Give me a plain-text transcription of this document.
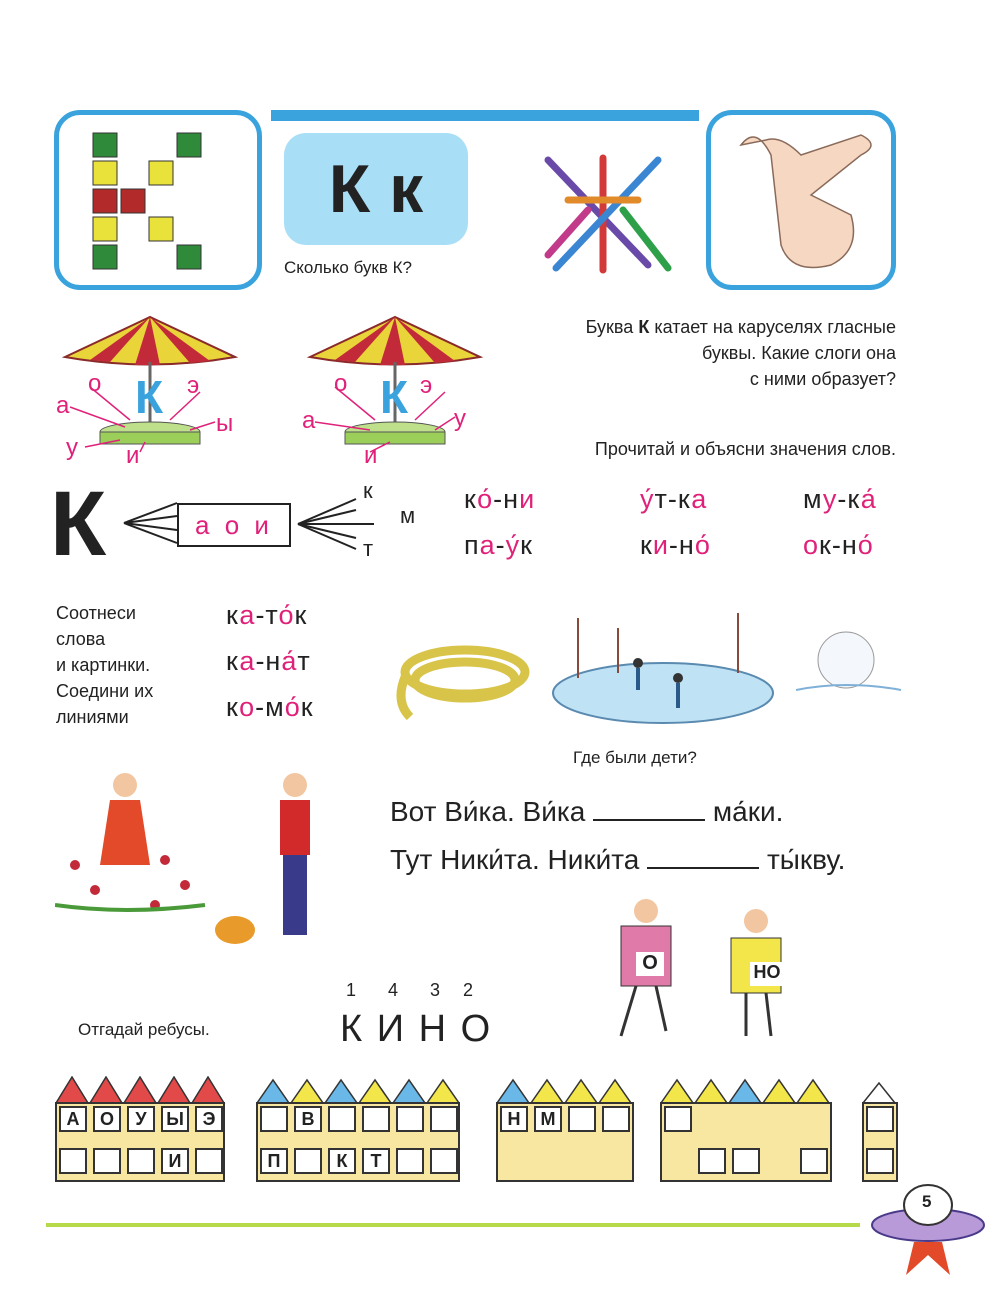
К к
Сколько букв К?
К
а
о	э
ы
у и
К
а
о	э
у
и
Буква К катает на каруселях гласные
буквы. Какие слоги она
с ними образует?
Прочитай и объясни значения слов.
К	а о и
к
м
т
ко́-ни	у́т-ка	му-ка́
па-у́к	ки-но́	ок-но́
Соотнеси
слова
и картинки.
Соедини их
линиями
ка-то́к
ка-на́т
ко-мо́к
Где были дети?
Вот Ви́ка. Ви́ка	ма́ки.
Тут Ники́та. Ники́та	ты́кву.
О	НО
Отгадай ребусы.
1 4 3 2
К И Н О
А	О	У	Ы	Э
И
В
П	К	Т
Н	М
5
